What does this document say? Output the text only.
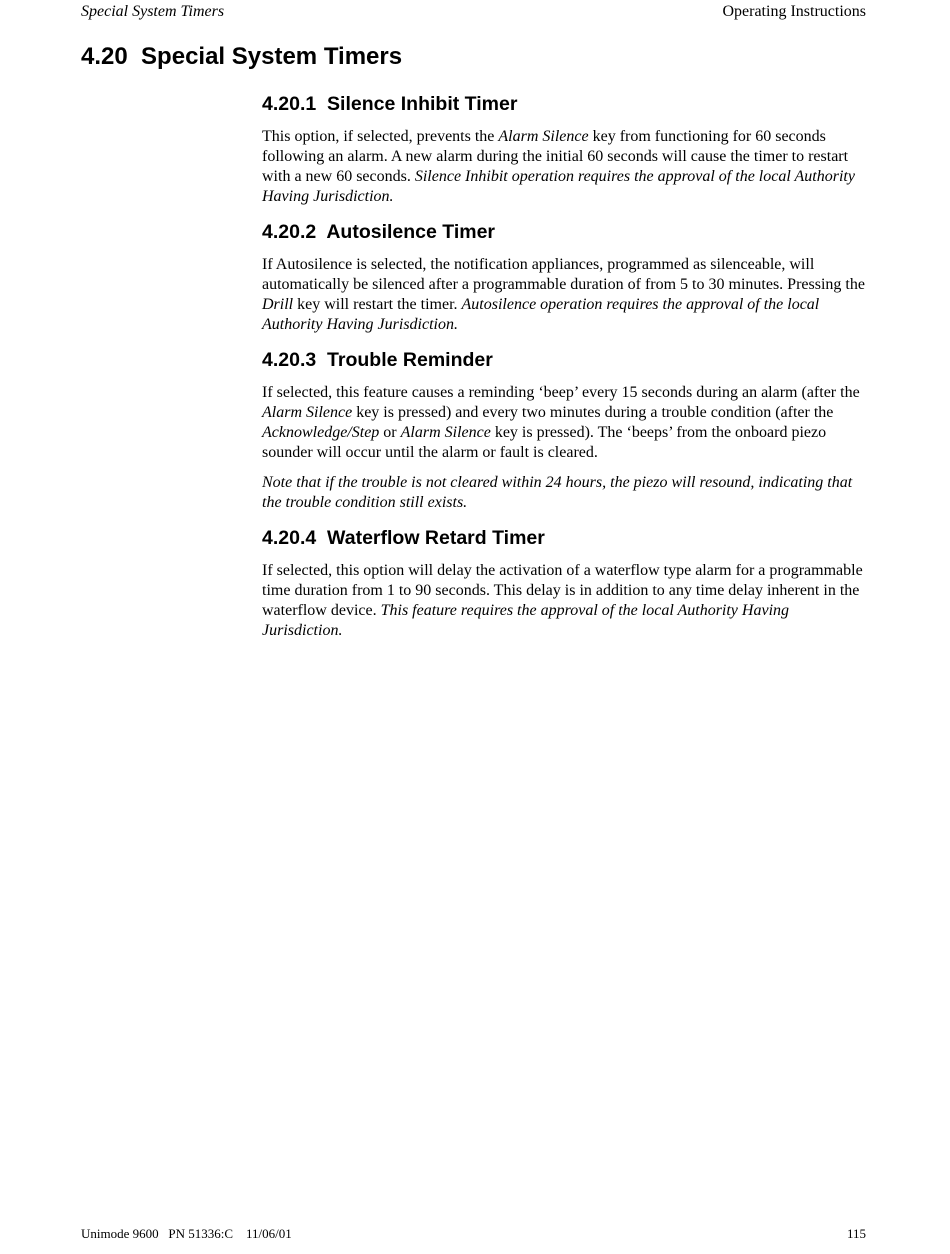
Special System Timers	Operating Instructions
4.20  Special System Timers
4.20.1  Silence Inhibit Timer

This option, if selected, prevents the Alarm Silence key from functioning for 60 seconds following an alarm. A new alarm during the initial 60 seconds will cause the timer to restart with a new 60 seconds. Silence Inhibit operation requires the approval of the local Authority Having Jurisdiction.

4.20.2  Autosilence Timer

If Autosilence is selected, the notification appliances, programmed as silenceable, will automatically be silenced after a programmable duration of from 5 to 30 minutes. Pressing the Drill key will restart the timer. Autosilence operation requires the approval of the local Authority Having Jurisdiction.

4.20.3  Trouble Reminder

If selected, this feature causes a reminding ‘beep’ every 15 seconds during an alarm (after the Alarm Silence key is pressed) and every two minutes during a trouble condition (after the Acknowledge/Step or Alarm Silence key is pressed). The ‘beeps’ from the onboard piezo sounder will occur until the alarm or fault is cleared.

Note that if the trouble is not cleared within 24 hours, the piezo will resound, indicating that the trouble condition still exists.

4.20.4  Waterflow Retard Timer

If selected, this option will delay the activation of a waterflow type alarm for a programmable time duration from 1 to 90 seconds. This delay is in addition to any time delay inherent in the waterflow device. This feature requires the approval of the local Authority Having Jurisdiction.

Unimode 9600   PN 51336:C    11/06/01	115
